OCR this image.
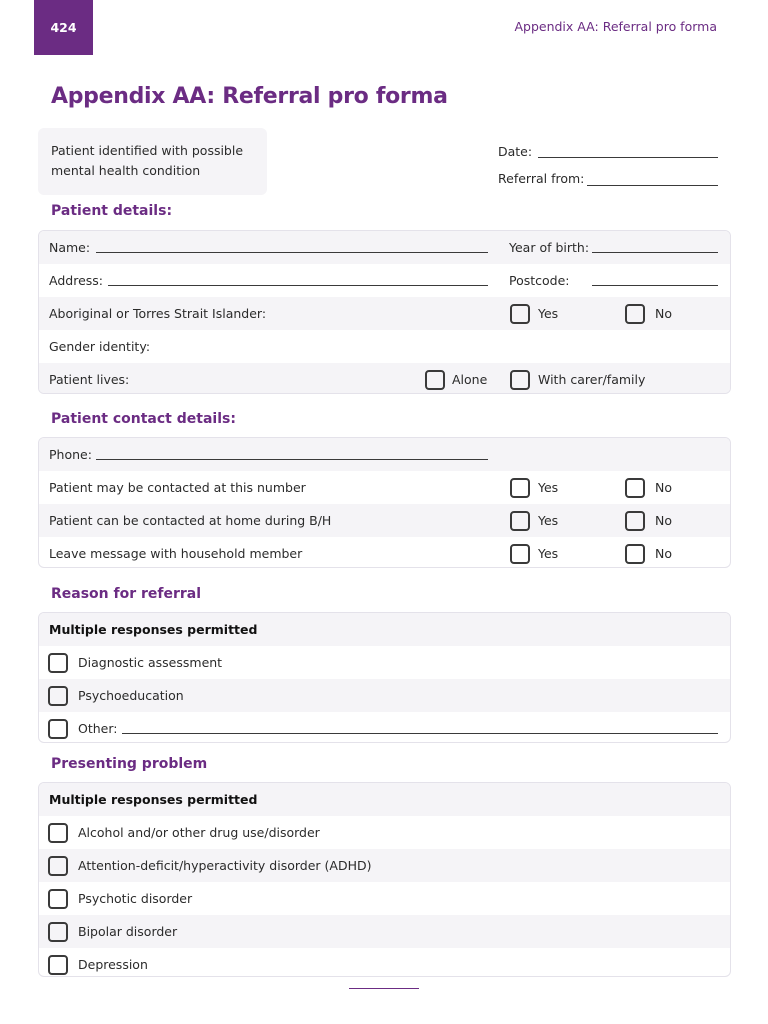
424	Appendix AA: Referral pro forma
Appendix AA: Referral pro forma
Patient identified with possible
mental health condition
Date:
Referral from:
Patient details:
Name:	Year of birth:
Address:	Postcode:
Aboriginal or Torres Strait Islander:	Yes	No
Gender identity:
Patient lives:	Alone	With carer/family
Patient contact details:
Phone:
Patient may be contacted at this number	Yes	No
Patient can be contacted at home during B/H	Yes	No
Leave message with household member	Yes	No
Reason for referral
Multiple responses permitted
Diagnostic assessment
Psychoeducation
Other:
Presenting problem
Multiple responses permitted
Alcohol and/or other drug use/disorder
Attention-deficit/hyperactivity disorder (ADHD)
Psychotic disorder
Bipolar disorder
Depression
